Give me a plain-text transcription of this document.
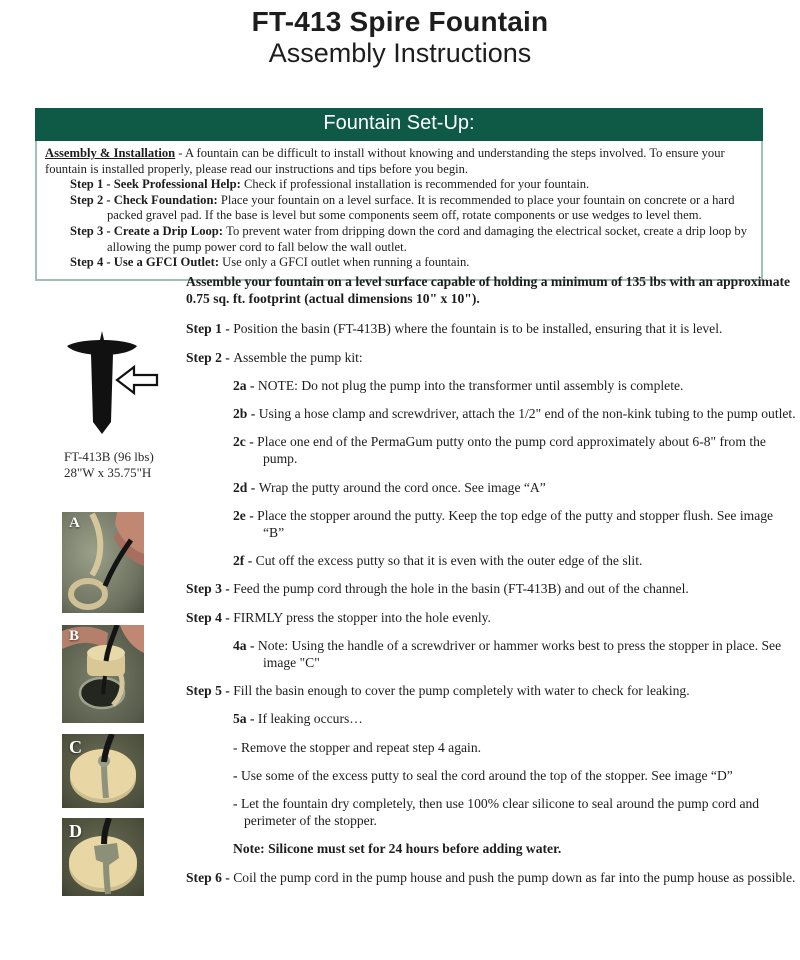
FT-413 Spire Fountain
Assembly Instructions
Fountain Set-Up:

Assembly & Installation - A fountain can be difficult to install without knowing and understanding the steps involved. To ensure your fountain is installed properly, please read our instructions and tips before you begin.

Step 1 - Seek Professional Help: Check if professional installation is recommended for your fountain.
Step 2 - Check Foundation: Place your fountain on a level surface. It is recommended to place your fountain on concrete or a hard packed gravel pad. If the base is level but some components seem off, rotate components or use wedges to level them.
Step 3 - Create a Drip Loop: To prevent water from dripping down the cord and damaging the electrical socket, create a drip loop by allowing the pump power cord to fall below the wall outlet.
Step 4 - Use a GFCI Outlet: Use only a GFCI outlet when running a fountain.
FT-413B (96 lbs)
28"W x 35.75"H
A
B
C
D

Assemble your fountain on a level surface capable of holding a minimum of 135 lbs with an approximate 0.75 sq. ft. footprint (actual dimensions 10" x 10").

Step 1 - Position the basin (FT-413B) where the fountain is to be installed, ensuring that it is level.
Step 2 - Assemble the pump kit:
2a - NOTE: Do not plug the pump into the transformer until assembly is complete.
2b - Using a hose clamp and screwdriver, attach the 1/2" end of the non-kink tubing to the pump outlet.
2c - Place one end of the PermaGum putty onto the pump cord approximately about 6-8" from the pump.
2d - Wrap the putty around the cord once. See image “A”
2e - Place the stopper around the putty. Keep the top edge of the putty and stopper flush. See image “B”
2f - Cut off the excess putty so that it is even with the outer edge of the slit.
Step 3 - Feed the pump cord through the hole in the basin (FT-413B) and out of the channel.
Step 4 - FIRMLY press the stopper into the hole evenly.
4a - Note: Using the handle of a screwdriver or hammer works best to press the stopper in place. See image "C"
Step 5 - Fill the basin enough to cover the pump completely with water to check for leaking.
5a - If leaking occurs…
- Remove the stopper and repeat step 4 again.
- Use some of the excess putty to seal the cord around the top of the stopper. See image “D”
- Let the fountain dry completely, then use 100% clear silicone to seal around the pump cord and perimeter of the stopper.
Note: Silicone must set for 24 hours before adding water.
Step 6 - Coil the pump cord in the pump house and push the pump down as far into the pump house as possible.
